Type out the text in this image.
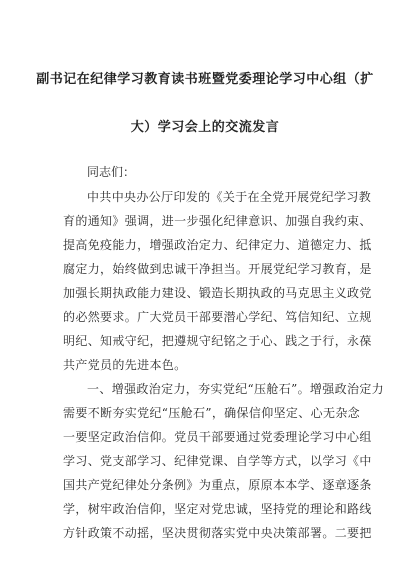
副书记在纪律学习教育读书班暨党委理论学习中心组（扩
大）学习会上的交流发言
同志们：
中共中央办公厅印发的《关于在全党开展党纪学习教
育的通知》强调，进一步强化纪律意识、加强自我约束、
提高免疫能力，增强政治定力、纪律定力、道德定力、抵
腐定力，始终做到忠诚干净担当。开展党纪学习教育，是
加强长期执政能力建设、锻造长期执政的马克思主义政党
的必然要求。广大党员干部要潜心学纪、笃信知纪、立规
明纪、知戒守纪，把遵规守纪铭之于心、践之于行，永葆
共产党员的先进本色。
一、增强政治定力，夯实党纪“压舱石”。增强政治定力
需要不断夯实党纪“压舱石”，确保信仰坚定、心无杂念
一要坚定政治信仰。党员干部要通过党委理论学习中心组
学习、党支部学习、纪律党课、自学等方式，以学习《中
国共产党纪律处分条例》为重点，原原本本学、逐章逐条
学，树牢政治信仰，坚定对党忠诚，坚持党的理论和路线
方针政策不动摇，坚决贯彻落实党中央决策部署。二要把
